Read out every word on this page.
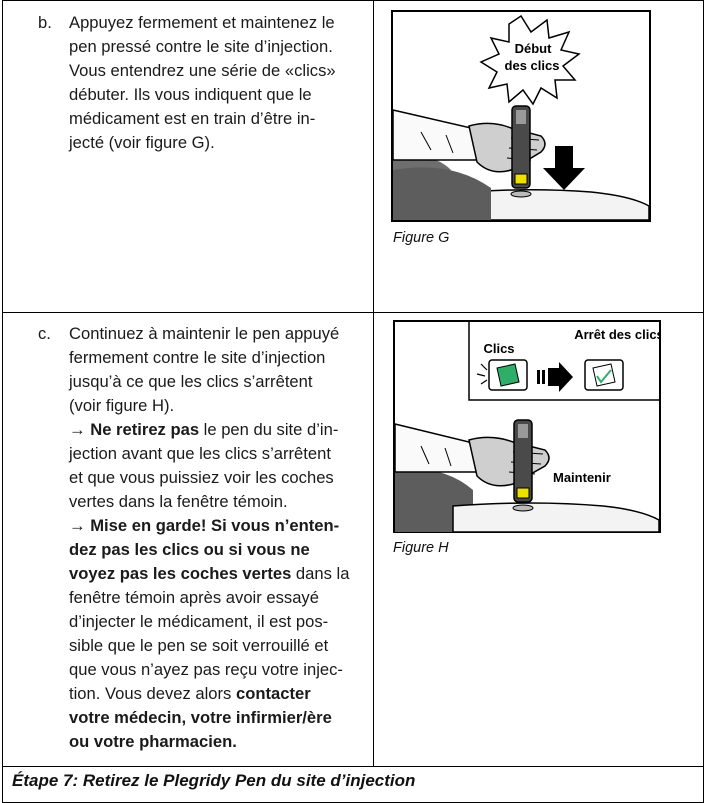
b. Appuyez fermement et maintenez le
pen pressé contre le site d’injection.
Vous entendrez une série de «clics»
débuter. Ils vous indiquent que le
médicament est en train d’être in-
jecté (voir figure G).
Début
des clics
Figure G
c. Continuez à maintenir le pen appuyé
fermement contre le site d’injection
jusqu’à ce que les clics s’arrêtent
(voir figure H).
→ Ne retirez pas le pen du site d’in-
jection avant que les clics s’arrêtent
et que vous puissiez voir les coches
vertes dans la fenêtre témoin.
→ Mise en garde! Si vous n’enten-
dez pas les clics ou si vous ne
voyez pas les coches vertes dans la
fenêtre témoin après avoir essayé
d’injecter le médicament, il est pos-
sible que le pen se soit verrouillé et
que vous n’ayez pas reçu votre injec-
tion. Vous devez alors contacter
votre médecin, votre infirmier/ère
ou votre pharmacien.
Arrêt des clics
Clics
Maintenir
Figure H
Étape 7: Retirez le Plegridy Pen du site d’injection
